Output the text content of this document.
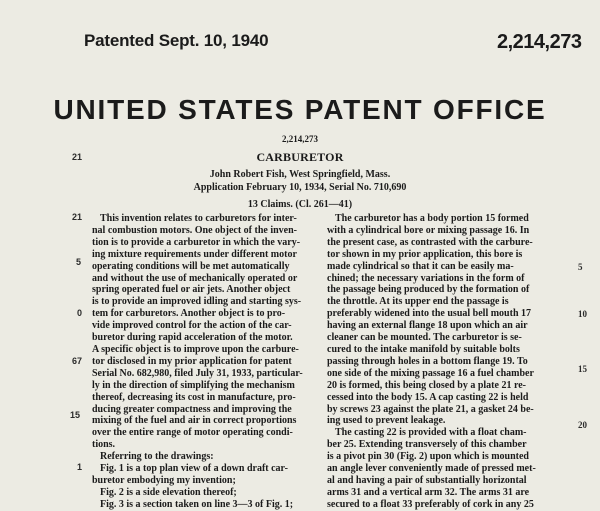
Patented Sept. 10, 1940	2,214,273
UNITED STATES PATENT OFFICE
2,214,273
CARBURETOR
John Robert Fish, West Springfield, Mass.
Application February 10, 1934, Serial No. 710,690
13 Claims. (Cl. 261—41)

This invention relates to carburetors for inter-

nal combustion motors. One object of the inven-

tion is to provide a carburetor in which the vary-

ing mixture requirements under different motor

operating conditions will be met automatically

and without the use of mechanically operated or

spring operated fuel or air jets. Another object

is to provide an improved idling and starting sys-

tem for carburetors. Another object is to pro-

vide improved control for the action of the car-

buretor during rapid acceleration of the motor.

A specific object is to improve upon the carbure-

tor disclosed in my prior application for patent

Serial No. 682,980, filed July 31, 1933, particular-

ly in the direction of simplifying the mechanism

thereof, decreasing its cost in manufacture, pro-

ducing greater compactness and improving the

mixing of the fuel and air in correct proportions

over the entire range of motor operating condi-

tions.

Referring to the drawings:

Fig. 1 is a top plan view of a down draft car-

buretor embodying my invention;

Fig. 2 is a side elevation thereof;

Fig. 3 is a section taken on line 3—3 of Fig. 1;

The carburetor has a body portion 15 formed

with a cylindrical bore or mixing passage 16. In

the present case, as contrasted with the carbure-

tor shown in my prior application, this bore is

made cylindrical so that it can be easily ma-

chined; the necessary variations in the form of

the passage being produced by the formation of

the throttle. At its upper end the passage is

preferably widened into the usual bell mouth 17

having an external flange 18 upon which an air

cleaner can be mounted. The carburetor is se-

cured to the intake manifold by suitable bolts

passing through holes in a bottom flange 19. To

one side of the mixing passage 16 a fuel chamber

20 is formed, this being closed by a plate 21 re-

cessed into the body 15. A cap casting 22 is held

by screws 23 against the plate 21, a gasket 24 be-

ing used to prevent leakage.

The casting 22 is provided with a float cham-

ber 25. Extending transversely of this chamber

is a pivot pin 30 (Fig. 2) upon which is mounted

an angle lever conveniently made of pressed met-

al and having a pair of substantially horizontal

arms 31 and a vertical arm 32. The arms 31 are

secured to a float 33 preferably of cork in any 25

21
21
5
0
67
15
1
5
10
15
20
